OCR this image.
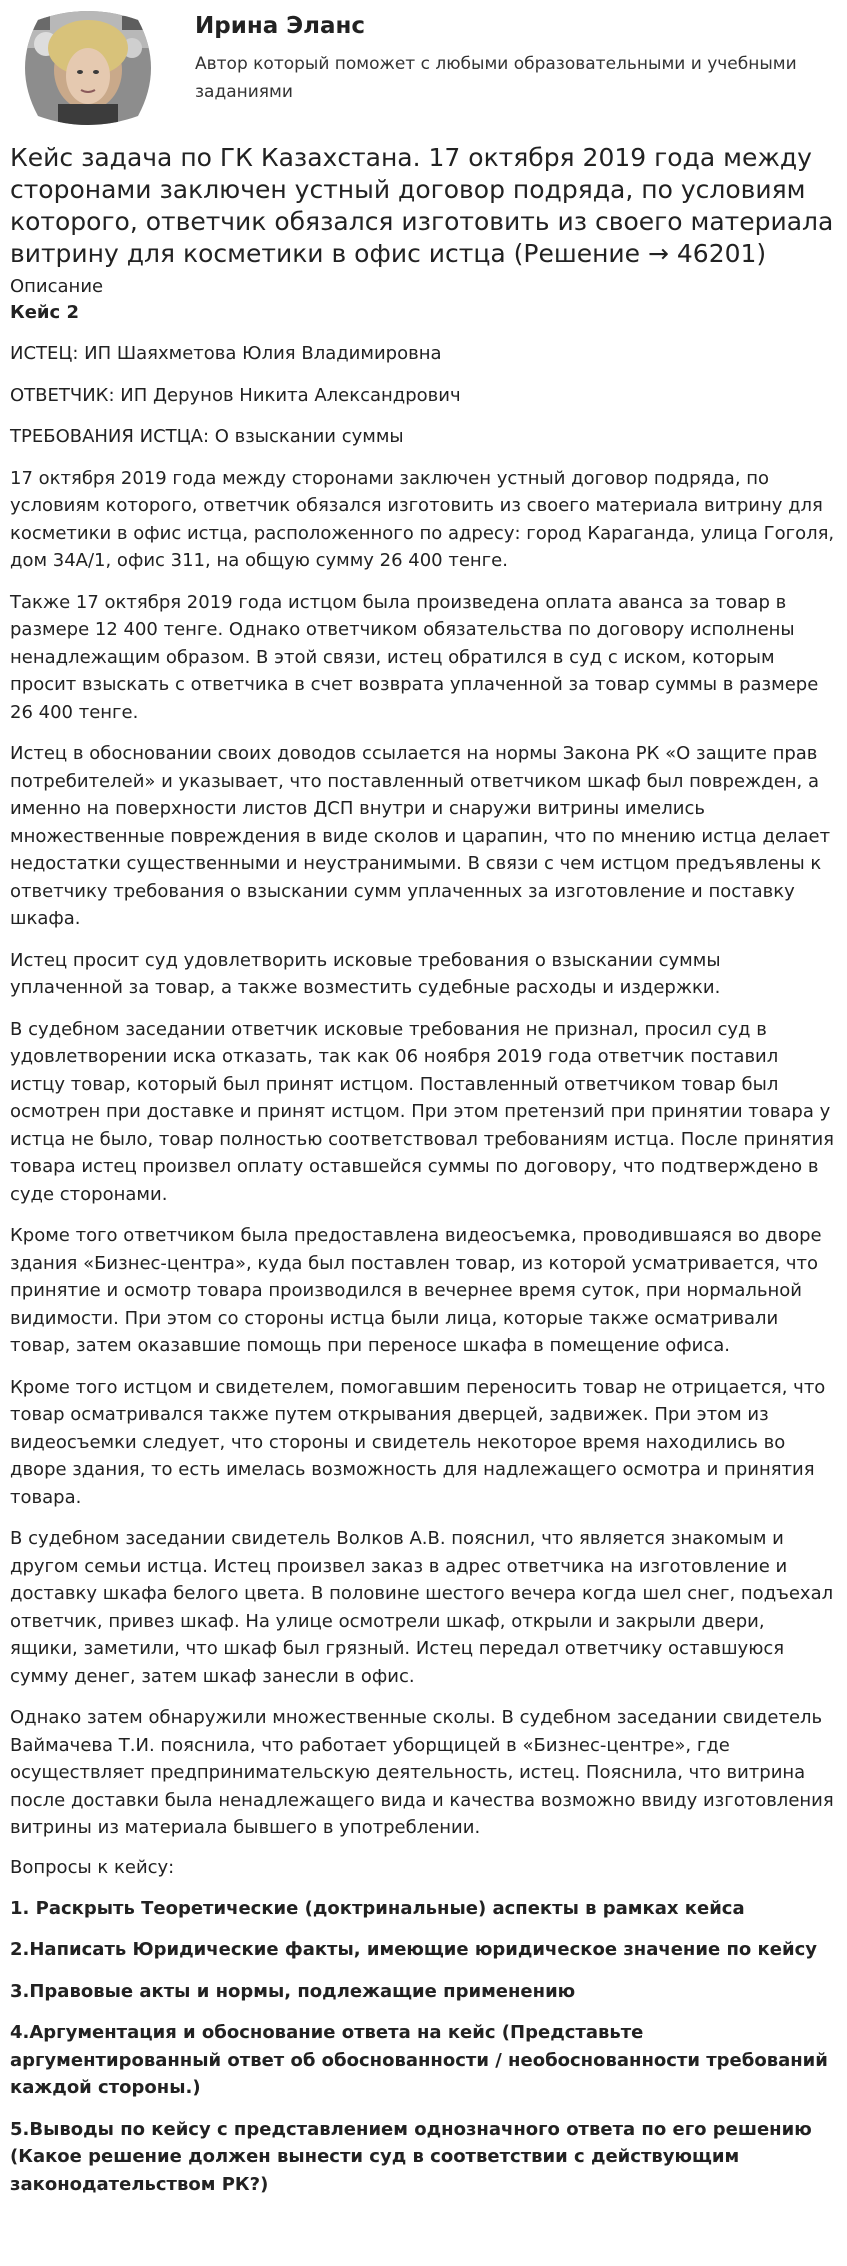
Ирина Эланс
Автор который поможет с любыми образовательными и учебными заданиями
Кейс задача по ГК Казахстана. 17 октября 2019 года между сторонами заключен устный договор подряда, по условиям которого, ответчик обязался изготовить из своего материала витрину для косметики в офис истца (Решение → 46201)
Описание
Кейс 2

ИСТЕЦ: ИП Шаяхметова Юлия Владимировна

ОТВЕТЧИК: ИП Дерунов Никита Александрович

ТРЕБОВАНИЯ ИСТЦА: О взыскании суммы

17 октября 2019 года между сторонами заключен устный договор подряда, по условиям которого, ответчик обязался изготовить из своего материала витрину для косметики в офис истца, расположенного по адресу: город Караганда, улица Гоголя, дом 34А/1, офис 311, на общую сумму 26 400 тенге.

Также 17 октября 2019 года истцом была произведена оплата аванса за товар в размере 12 400 тенге. Однако ответчиком обязательства по договору исполнены ненадлежащим образом. В этой связи, истец обратился в суд с иском, которым просит взыскать с ответчика в счет возврата уплаченной за товар суммы в размере 26 400 тенге.

Истец в обосновании своих доводов ссылается на нормы Закона РК «О защите прав потребителей» и указывает, что поставленный ответчиком шкаф был поврежден, а именно на поверхности листов ДСП внутри и снаружи витрины имелись множественные повреждения в виде сколов и царапин, что по мнению истца делает недостатки существенными и неустранимыми. В связи с чем истцом предъявлены к ответчику требования о взыскании сумм уплаченных за изготовление и поставку шкафа.

Истец просит суд удовлетворить исковые требования о взыскании суммы уплаченной за товар, а также возместить судебные расходы и издержки.

В судебном заседании ответчик исковые требования не признал, просил суд в удовлетворении иска отказать, так как 06 ноября 2019 года ответчик поставил истцу товар, который был принят истцом. Поставленный ответчиком товар был осмотрен при доставке и принят истцом. При этом претензий при принятии товара у истца не было, товар полностью соответствовал требованиям истца. После принятия товара истец произвел оплату оставшейся суммы по договору, что подтверждено в суде сторонами.

Кроме того ответчиком была предоставлена видеосъемка, проводившаяся во дворе здания «Бизнес-центра», куда был поставлен товар, из которой усматривается, что принятие и осмотр товара производился в вечернее время суток, при нормальной видимости. При этом со стороны истца были лица, которые также осматривали товар, затем оказавшие помощь при переносе шкафа в помещение офиса.

Кроме того истцом и свидетелем, помогавшим переносить товар не отрицается, что товар осматривался также путем открывания дверцей, задвижек. При этом из видеосъемки следует, что стороны и свидетель некоторое время находились во дворе здания, то есть имелась возможность для надлежащего осмотра и принятия товара.

В судебном заседании свидетель Волков А.В. пояснил, что является знакомым и другом семьи истца. Истец произвел заказ в адрес ответчика на изготовление и доставку шкафа белого цвета. В половине шестого вечера когда шел снег, подъехал ответчик, привез шкаф. На улице осмотрели шкаф, открыли и закрыли двери, ящики, заметили, что шкаф был грязный. Истец передал ответчику оставшуюся сумму денег, затем шкаф занесли в офис.

Однако затем обнаружили множественные сколы. В судебном заседании свидетель Ваймачева Т.И. пояснила, что работает уборщицей в «Бизнес-центре», где осуществляет предпринимательскую деятельность, истец. Пояснила, что витрина после доставки была ненадлежащего вида и качества возможно ввиду изготовления витрины из материала бывшего в употреблении.

Вопросы к кейсу:
1. Раскрыть Теоретические (доктринальные) аспекты в рамках кейса
2.Написать Юридические факты, имеющие юридическое значение по кейсу
3.Правовые акты и нормы, подлежащие применению
4.Аргументация и обоснование ответа на кейс (Представьте аргументированный ответ об обоснованности / необоснованности требований каждой стороны.)
5.Выводы по кейсу с представлением однозначного ответа по его решению (Какое решение должен вынести суд в соответствии с действующим законодательством РК?)
